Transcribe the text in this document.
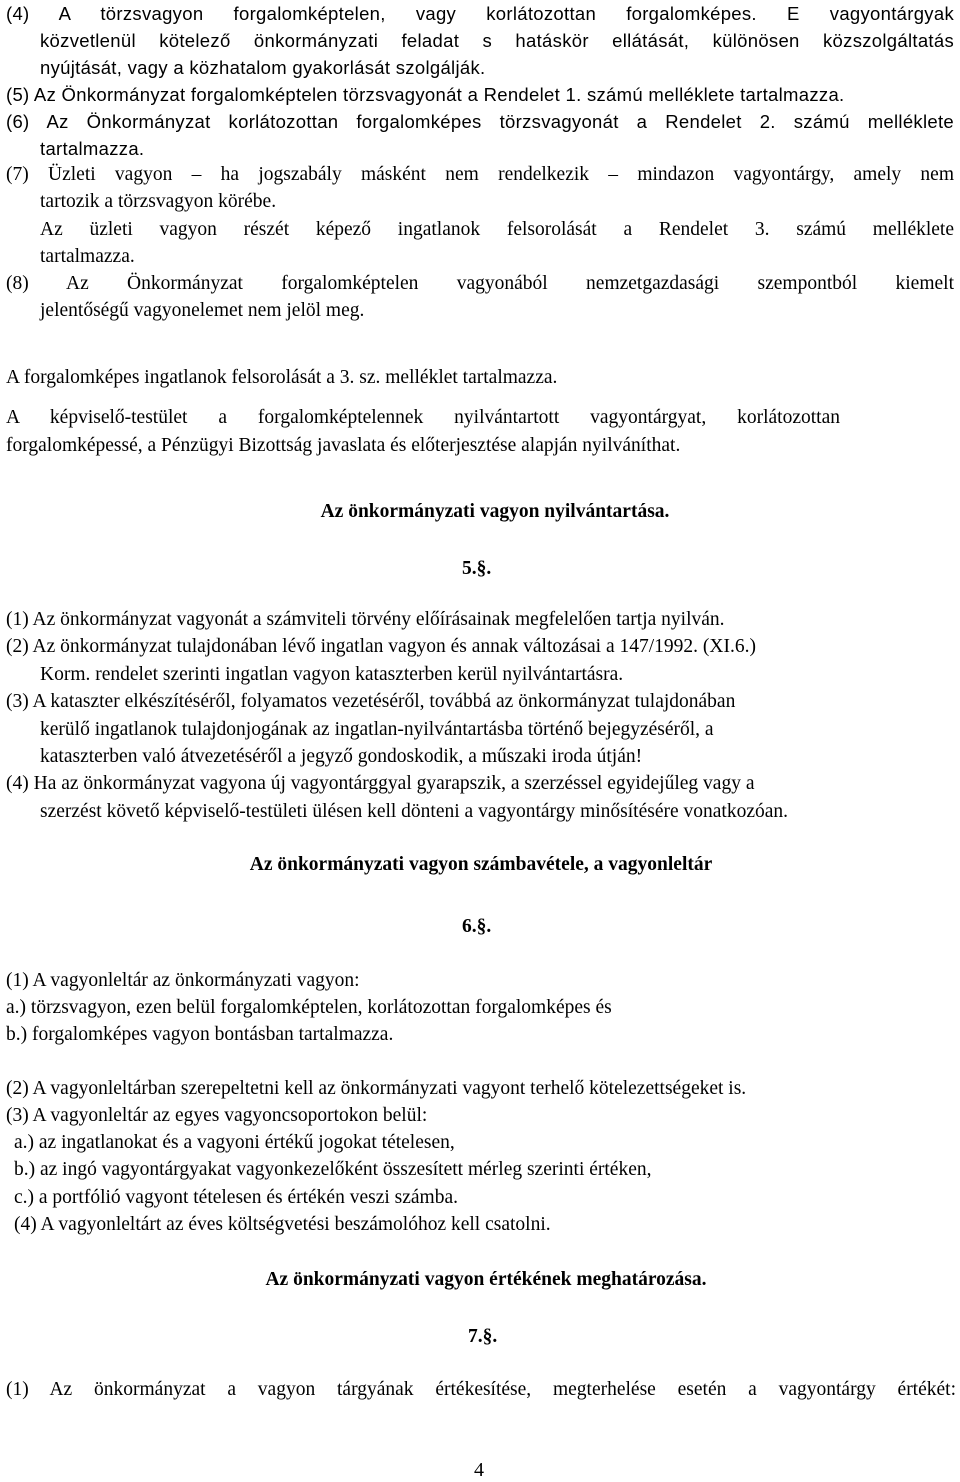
(4) A törzsvagyon forgalomképtelen, vagy korlátozottan forgalomképes. E vagyontárgyak
közvetlenül kötelező önkormányzati feladat s hatáskör ellátását, különösen közszolgáltatás
nyújtását, vagy a közhatalom gyakorlását szolgálják.
(5) Az Önkormányzat forgalomképtelen törzsvagyonát a Rendelet 1. számú melléklete tartalmazza.
(6) Az Önkormányzat korlátozottan forgalomképes törzsvagyonát a Rendelet 2. számú melléklete
tartalmazza.
(7) Üzleti vagyon – ha jogszabály másként nem rendelkezik – mindazon vagyontárgy, amely nem
tartozik a törzsvagyon körébe.
Az üzleti vagyon részét képező ingatlanok felsorolását a Rendelet 3. számú melléklete
tartalmazza.
(8) Az Önkormányzat forgalomképtelen vagyonából nemzetgazdasági szempontból kiemelt
jelentőségű vagyonelemet nem jelöl meg.
A forgalomképes ingatlanok felsorolását a 3. sz. melléklet tartalmazza.
A képviselő-testület a forgalomképtelennek nyilvántartott vagyontárgyat, korlátozottan
forgalomképessé, a Pénzügyi Bizottság javaslata és előterjesztése alapján nyilváníthat.
Az önkormányzati vagyon nyilvántartása.
5.§.
(1) Az önkormányzat vagyonát a számviteli törvény előírásainak megfelelően tartja nyilván.
(2) Az önkormányzat tulajdonában lévő ingatlan vagyon és annak változásai a 147/1992. (XI.6.)
Korm. rendelet szerinti ingatlan vagyon kataszterben kerül nyilvántartásra.
(3) A kataszter elkészítéséről, folyamatos vezetéséről, továbbá az önkormányzat tulajdonában
kerülő ingatlanok tulajdonjogának az ingatlan-nyilvántartásba történő bejegyzéséről, a
kataszterben való átvezetéséről a jegyző gondoskodik, a műszaki iroda útján!
(4) Ha az önkormányzat vagyona új vagyontárggyal gyarapszik, a szerzéssel egyidejűleg vagy a
szerzést követő képviselő-testületi ülésen kell dönteni a vagyontárgy minősítésére vonatkozóan.
Az önkormányzati vagyon számbavétele, a vagyonleltár
6.§.
(1) A vagyonleltár az önkormányzati vagyon:
a.) törzsvagyon, ezen belül forgalomképtelen, korlátozottan forgalomképes és
b.) forgalomképes vagyon bontásban tartalmazza.
(2) A vagyonleltárban szerepeltetni kell az önkormányzati vagyont terhelő kötelezettségeket is.
(3) A vagyonleltár az egyes vagyoncsoportokon belül:
a.) az ingatlanokat és a vagyoni értékű jogokat tételesen,
b.) az ingó vagyontárgyakat vagyonkezelőként összesített mérleg szerinti értéken,
c.) a portfólió vagyont tételesen és értékén veszi számba.
(4) A vagyonleltárt az éves költségvetési beszámolóhoz kell csatolni.
Az önkormányzati vagyon értékének meghatározása.
7.§.
(1) Az önkormányzat a vagyon tárgyának értékesítése, megterhelése esetén a vagyontárgy értékét:
4
